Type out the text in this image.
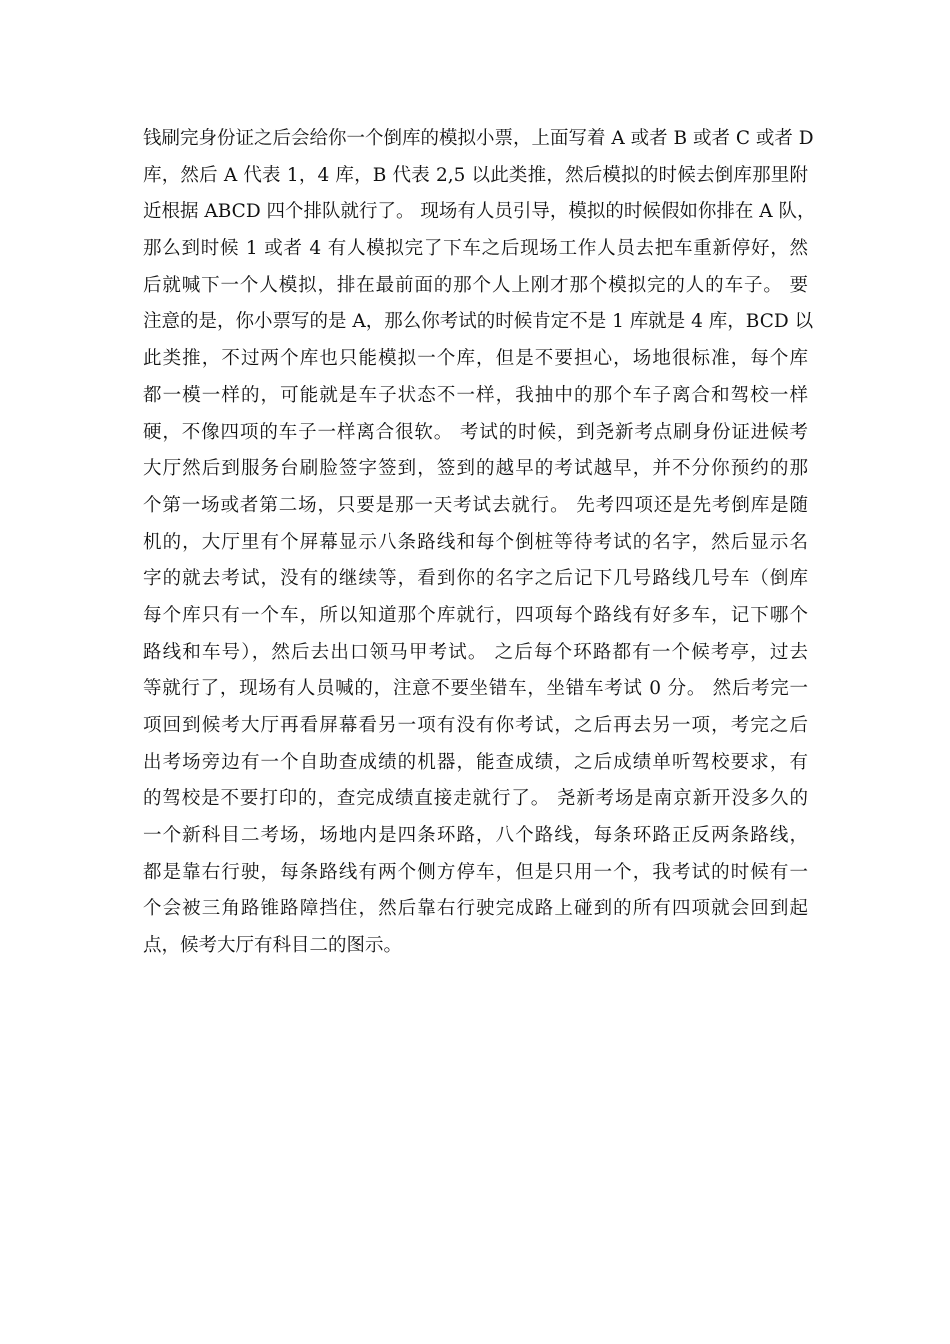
钱刷完身份证之后会给你一个倒库的模拟小票，上面写着 A 或者 B 或者 C 或者 D
库，然后 A 代表 1，4 库，B 代表 2,5 以此类推，然后模拟的时候去倒库那里附
近根据 ABCD 四个排队就行了。 现场有人员引导，模拟的时候假如你排在 A 队，
那么到时候 1 或者 4 有人模拟完了下车之后现场工作人员去把车重新停好，然
后就喊下一个人模拟，排在最前面的那个人上刚才那个模拟完的人的车子。 要
注意的是，你小票写的是 A，那么你考试的时候肯定不是 1 库就是 4 库，BCD 以
此类推，不过两个库也只能模拟一个库，但是不要担心，场地很标准，每个库
都一模一样的，可能就是车子状态不一样，我抽中的那个车子离合和驾校一样
硬，不像四项的车子一样离合很软。 考试的时候，到尧新考点刷身份证进候考
大厅然后到服务台刷脸签字签到，签到的越早的考试越早，并不分你预约的那
个第一场或者第二场，只要是那一天考试去就行。 先考四项还是先考倒库是随
机的，大厅里有个屏幕显示八条路线和每个倒桩等待考试的名字，然后显示名
字的就去考试，没有的继续等，看到你的名字之后记下几号路线几号车（倒库
每个库只有一个车，所以知道那个库就行，四项每个路线有好多车，记下哪个
路线和车号），然后去出口领马甲考试。 之后每个环路都有一个候考亭，过去
等就行了，现场有人员喊的，注意不要坐错车，坐错车考试 0 分。 然后考完一
项回到候考大厅再看屏幕看另一项有没有你考试，之后再去另一项，考完之后
出考场旁边有一个自助查成绩的机器，能查成绩，之后成绩单听驾校要求，有
的驾校是不要打印的，查完成绩直接走就行了。 尧新考场是南京新开没多久的
一个新科目二考场，场地内是四条环路，八个路线，每条环路正反两条路线，
都是靠右行驶，每条路线有两个侧方停车，但是只用一个，我考试的时候有一
个会被三角路锥路障挡住，然后靠右行驶完成路上碰到的所有四项就会回到起
点，候考大厅有科目二的图示。
